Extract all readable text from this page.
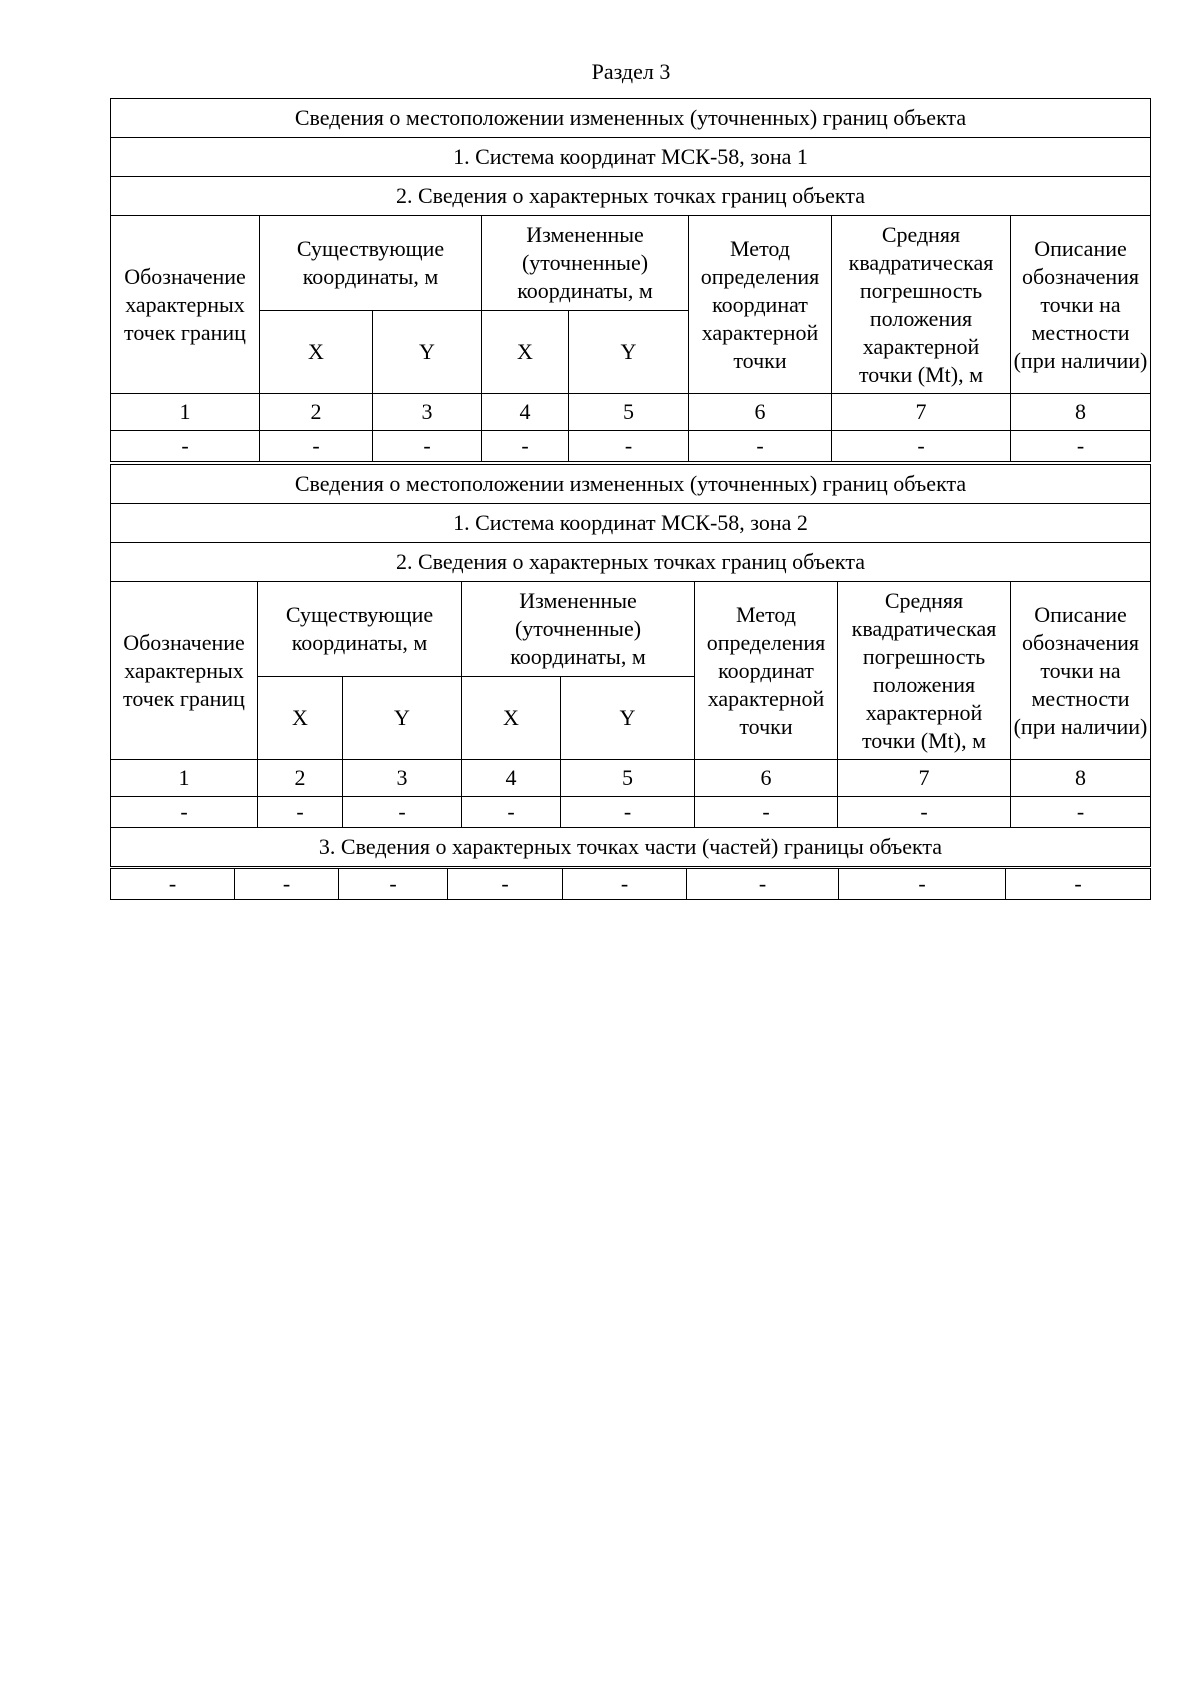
Раздел 3
Сведения о местоположении измененных (уточненных) границ объекта							
1. Система координат МСК-58, зона 1							
2. Сведения о характерных точках границ объекта							
Обозначение характерных точек границ	Существующие координаты, м		Измененные (уточненные) координаты, м		Метод определения координат характерной точки	Средняя квадратическая погрешность положения характерной точки (Mt), м	Описание обозначения точки на местности (при наличии)
	X	Y	X	Y			
1	2	3	4	5	6	7	8
-	-	-	-	-	-	-	-
Сведения о местоположении измененных (уточненных) границ объекта							
1. Система координат МСК-58, зона 2							
2. Сведения о характерных точках границ объекта							
Обозначение характерных точек границ	Существующие координаты, м		Измененные (уточненные) координаты, м		Метод определения координат характерной точки	Средняя квадратическая погрешность положения характерной точки (Mt), м	Описание обозначения точки на местности (при наличии)
	X	Y	X	Y			
1	2	3	4	5	6	7	8
-	-	-	-	-	-	-	-
3. Сведения о характерных точках части (частей) границы объекта							
-	-	-	-	-	-	-	-
